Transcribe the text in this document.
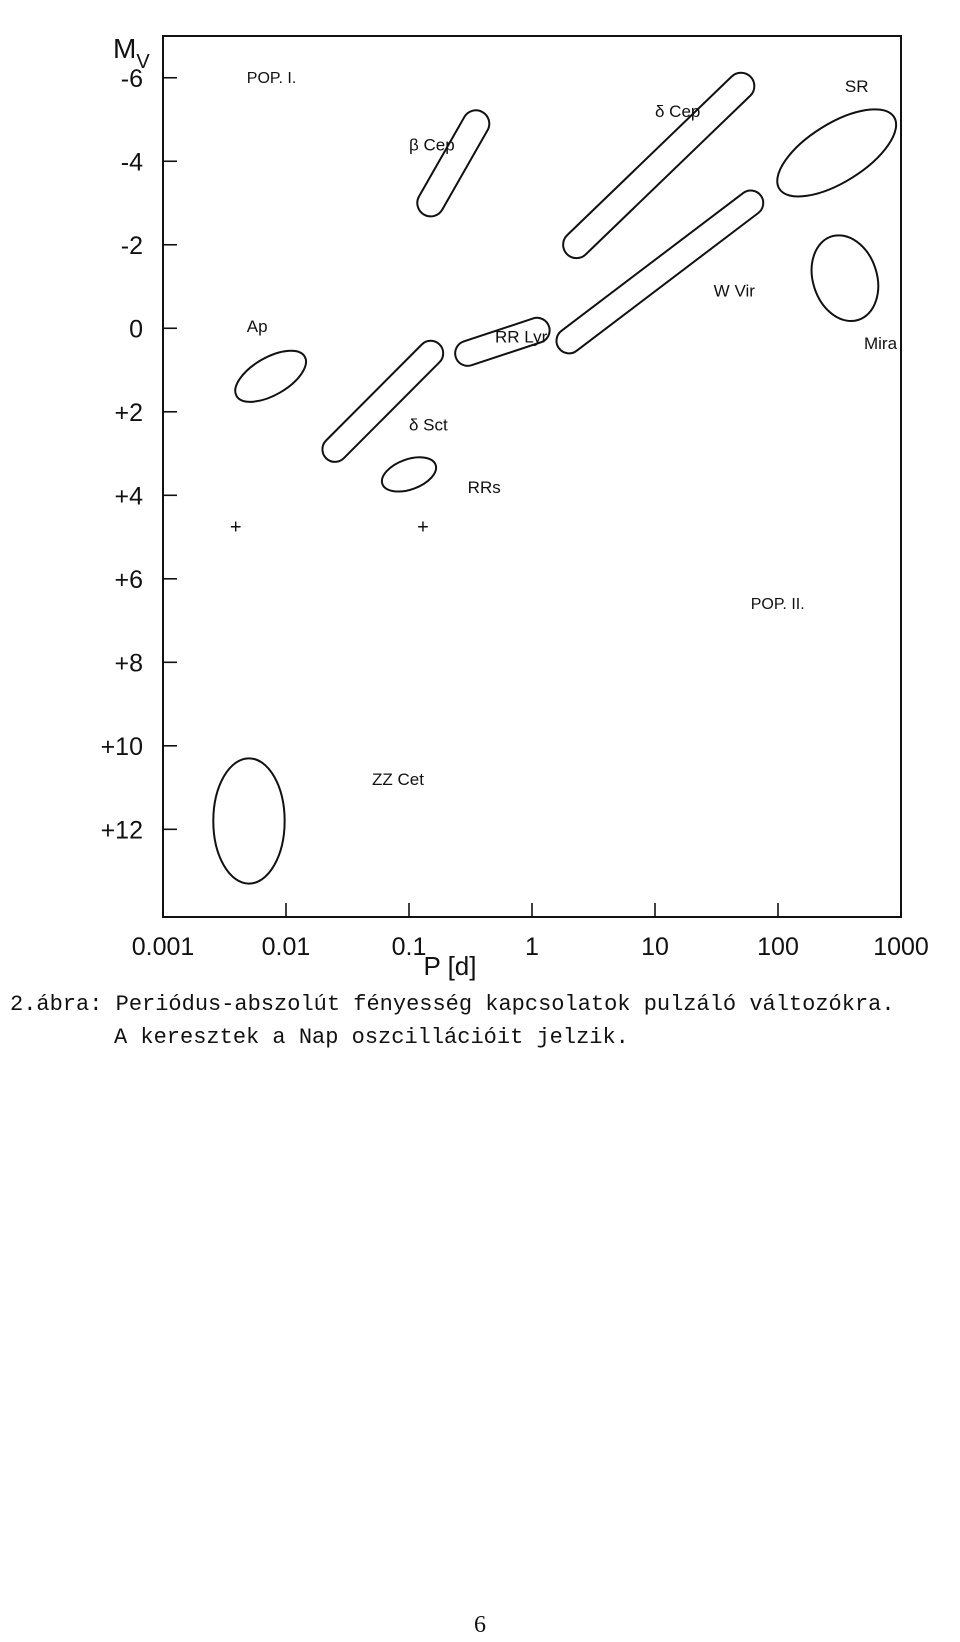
-6
-4
-2
0
+2
+4
+6
+8
+10
+12
0.001	0.01	0.1	1	10	100	1000
$M_V$
P [d]
β Cep
δ Cep
W Vir
RR Lyr
δ Sct
Ap
RRs
SR
Mira
ZZ Cet
+	+
POP. I.
POP. II.
2.ábra: Periódus-abszolút fényesség kapcsolatok pulzáló változókra.
A keresztek a Nap oszcillációit jelzik.
6
